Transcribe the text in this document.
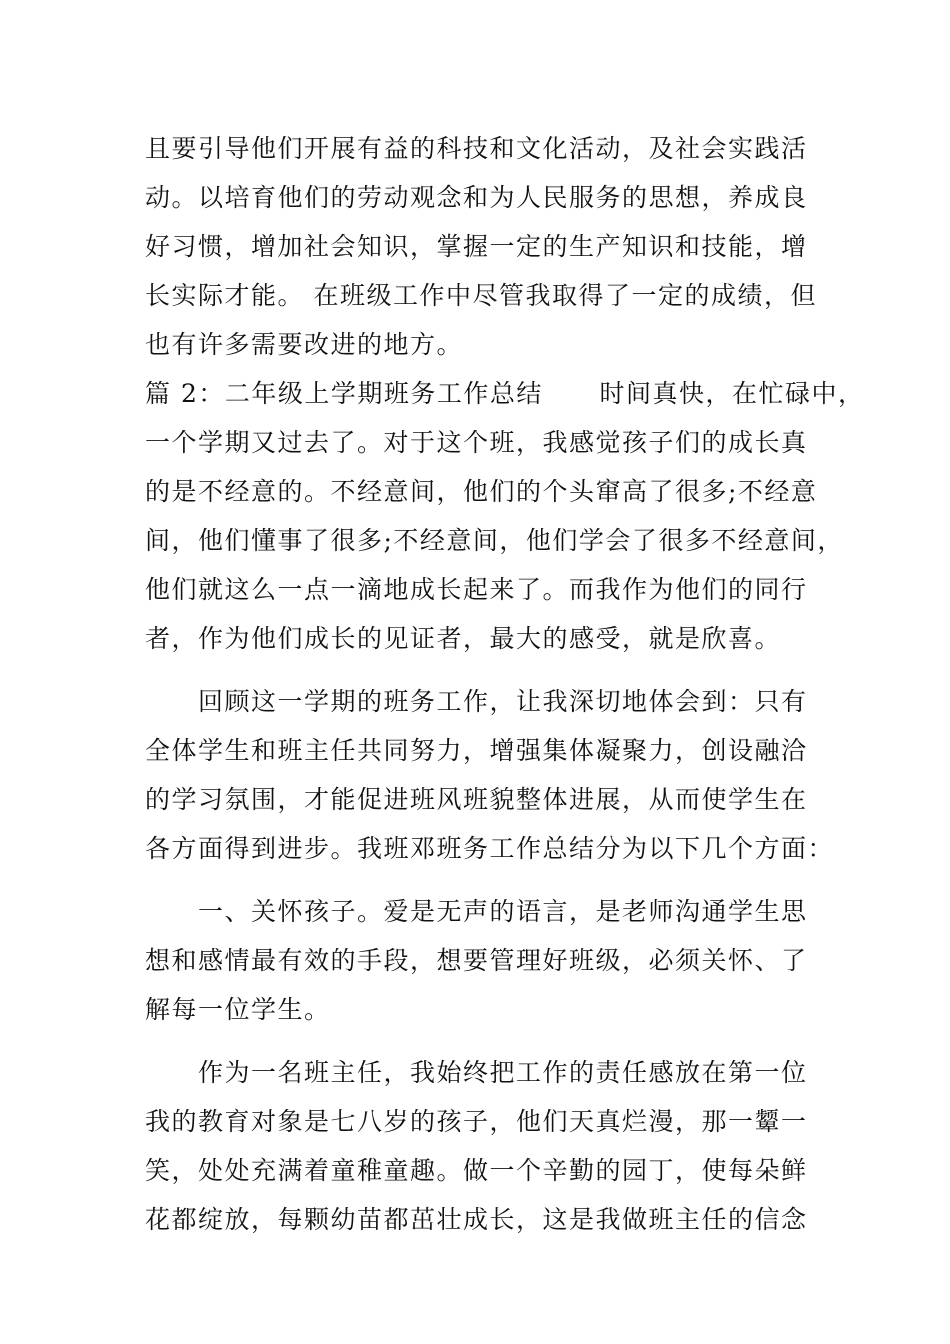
且要引导他们开展有益的科技和文化活动，及社会实践活
动。以培育他们的劳动观念和为人民服务的思想，养成良
好习惯，增加社会知识，掌握一定的生产知识和技能，增
长实际才能。 在班级工作中尽管我取得了一定的成绩，但
也有许多需要改进的地方。
篇 2：二年级上学期班务工作总结      时间真快，在忙碌中，
一个学期又过去了。对于这个班，我感觉孩子们的成长真
的是不经意的。不经意间，他们的个头窜高了很多;不经意
间，他们懂事了很多;不经意间，他们学会了很多不经意间，
他们就这么一点一滴地成长起来了。而我作为他们的同行
者，作为他们成长的见证者，最大的感受，就是欣喜。
回顾这一学期的班务工作，让我深切地体会到：只有
全体学生和班主任共同努力，增强集体凝聚力，创设融洽
的学习氛围，才能促进班风班貌整体进展，从而使学生在
各方面得到进步。我班邓班务工作总结分为以下几个方面：
一、关怀孩子。爱是无声的语言，是老师沟通学生思
想和感情最有效的手段，想要管理好班级，必须关怀、了
解每一位学生。
作为一名班主任，我始终把工作的责任感放在第一位
我的教育对象是七八岁的孩子，他们天真烂漫，那一颦一
笑，处处充满着童稚童趣。做一个辛勤的园丁，使每朵鲜
花都绽放，每颗幼苗都茁壮成长，这是我做班主任的信念
